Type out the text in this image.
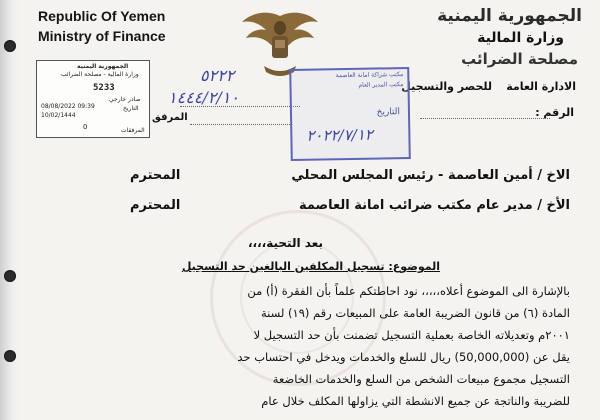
Republic Of Yemen
Ministry of Finance
الجمهورية اليمنية
وزارة المالية
مصلحة الضرائب
الادارة العامة
للحصر والتسجيل
الرقم :
الجمهورية اليمنية
وزارة المالية - مصلحة الضرائب
5233
صادر خارجي
التاريخ
08/08/2022 09:39
10/02/1444
0	المرفقات
٥٢٢٢
١٤٤٤/٢/١٠
المرفق
مكتب شراكة امانة العاصمة
مكتب المدير العام
التاريخ
٢٠٢٢/٧/١٢
الاخ / أمين العاصمة - رئيس المجلس المحلي
المحترم
الأخ / مدير عام مكتب ضرائب امانة العاصمة
المحترم
بعد التحية،،،،
الموضوع: تسجيل المكلفين البالغين حد التسجيل
بالإشارة الى الموضوع أعلاه،،،،، نود احاطتكم علماً بأن الفقرة (أ) من
المادة (٦) من قانون الضريبة العامة على المبيعات رقم (١٩) لسنة
٢٠٠١م وتعديلاته الخاصة بعملية التسجيل تضمنت بأن حد التسجيل لا
يقل عن (50,000,000) ريال للسلع والخدمات ويدخل في احتساب حد
التسجيل مجموع مبيعات الشخص من السلع والخدمات الخاضعة
للضريبة والناتجة عن جميع الانشطة التي يزاولها المكلف خلال عام
